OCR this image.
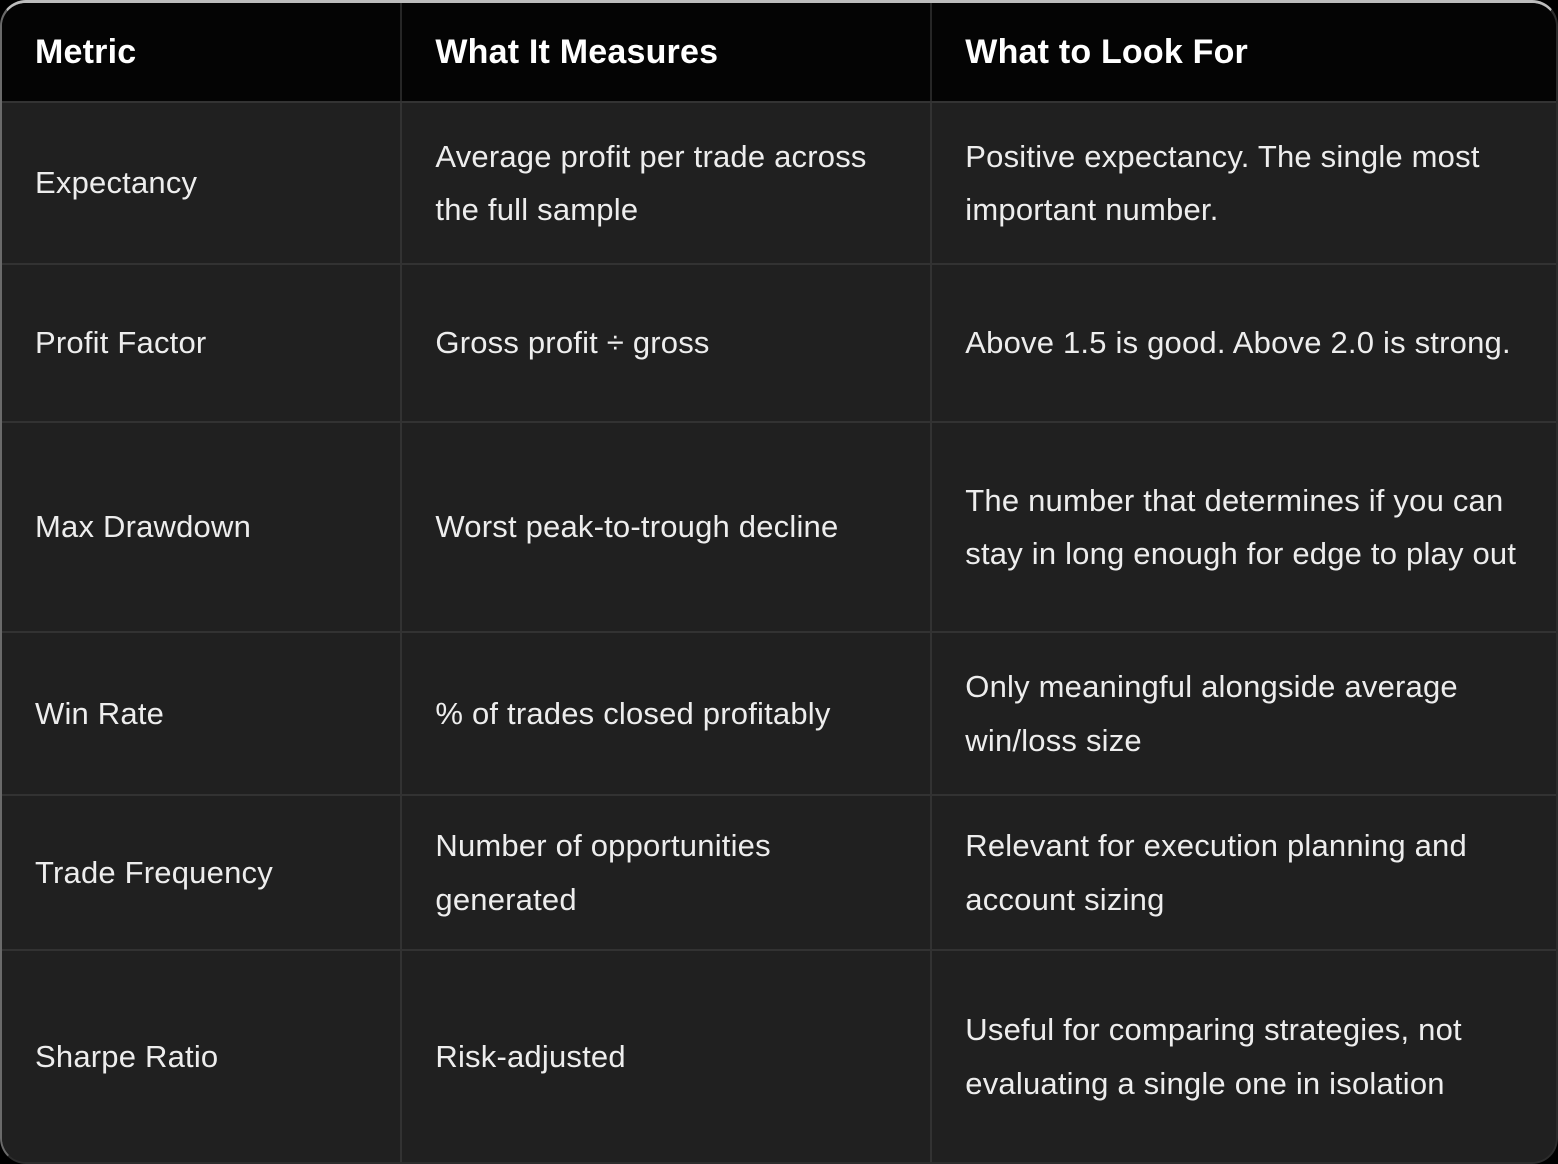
Metric	What It Measures	What to Look For
Expectancy	Average profit per trade across the full sample	Positive expectancy. The single most important number.
Profit Factor	Gross profit ÷ gross	Above 1.5 is good. Above 2.0 is strong.
Max Drawdown	Worst peak-to-trough decline	The number that determines if you can stay in long enough for edge to play out
Win Rate	% of trades closed profitably	Only meaningful alongside average win/loss size
Trade Frequency	Number of opportunities generated	Relevant for execution planning and account sizing
Sharpe Ratio	Risk-adjusted	Useful for comparing strategies, not evaluating a single one in isolation
